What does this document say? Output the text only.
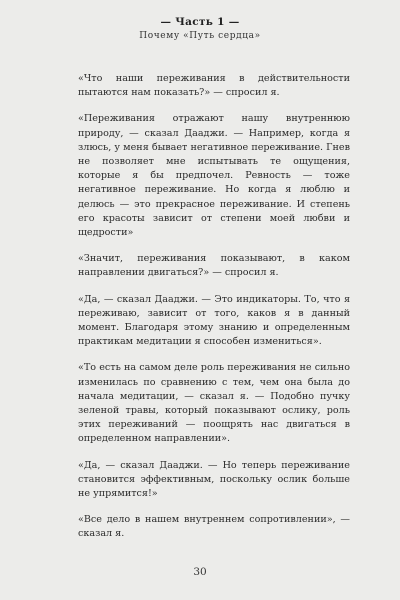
— Часть 1 —
Почему «Путь сердца»

«Что наши переживания в действительности пытаются нам показать?» — спросил я.

«Переживания отражают нашу внутреннюю природу, — сказал Дааджи. — Например, когда я злюсь, у меня бывает негативное переживание. Гнев не позволяет мне испытывать те ощущения, которые я бы предпочел. Ревность — тоже негативное переживание. Но когда я люблю и делюсь — это прекрасное переживание. И степень его красоты зависит от степени моей любви и щедрости»

«Значит, переживания показывают, в каком направлении двигаться?» — спросил я.

«Да, — сказал Дааджи. — Это индикаторы. То, что я переживаю, зависит от того, каков я в данный момент. Благодаря этому знанию и определенным практикам медитации я способен измениться».

«То есть на самом деле роль переживания не сильно изменилась по сравнению с тем, чем она была до начала медитации, — сказал я. — Подобно пучку зеленой травы, который показывают ослику, роль этих переживаний — поощрять нас двигаться в определенном направлении».

«Да, — сказал Дааджи. — Но теперь переживание становится эффективным, поскольку ослик больше не упрямится!»

«Все дело в нашем внутреннем сопротивлении», — сказал я.

30
